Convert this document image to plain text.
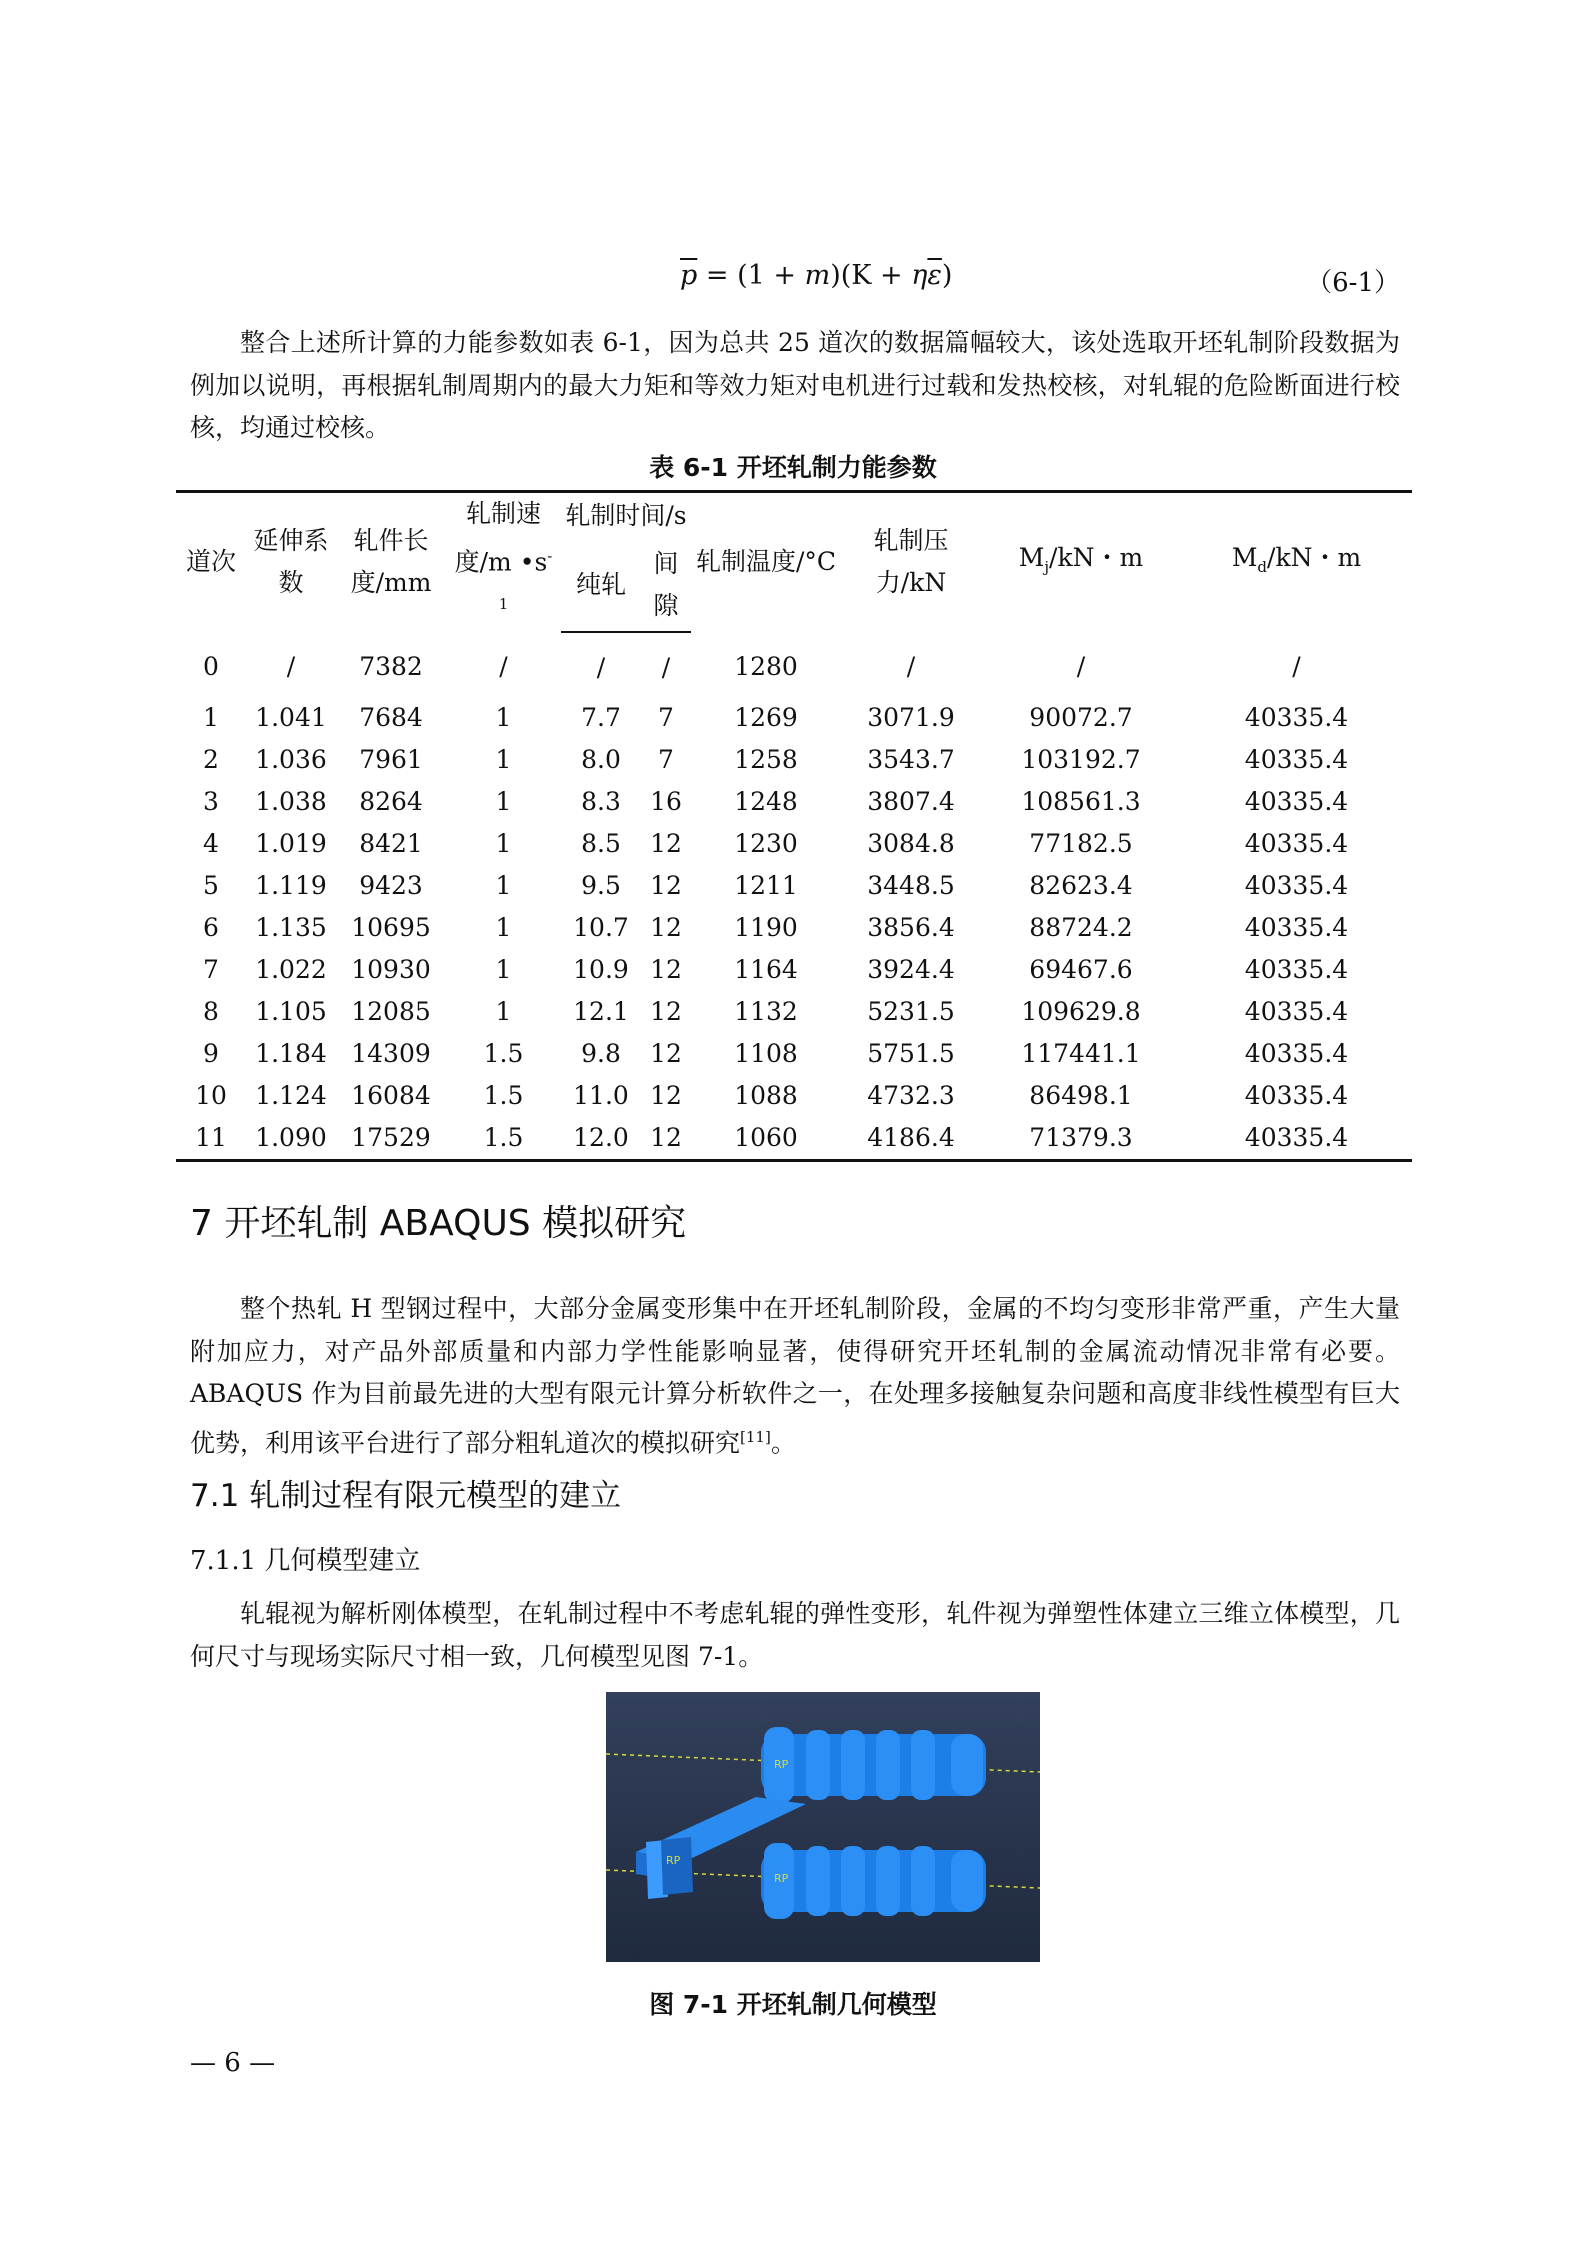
$\overline{p} = (1 + m)(K + \eta\overline{\varepsilon})$	（6-1）

整合上述所计算的力能参数如表 6-1，因为总共 25 道次的数据篇幅较大，该处选取开坯轧制阶段数据为例加以说明，再根据轧制周期内的最大力矩和等效力矩对电机进行过载和发热校核，对轧辊的危险断面进行校核，均通过校核。

表 6-1 开坯轧制力能参数
道次	延伸系数	轧件长度/mm	轧制速度/m $•s^{-1}$	轧制时间/s		轧制温度/°C	轧制压力/kN	$M_j/kN$・m	$M_d/kN$・m
				纯轧	间隙				
0	/	7382	/	/	/	1280	/	/	/
1	1.041	7684	1	7.7	7	1269	3071.9	90072.7	40335.4
2	1.036	7961	1	8.0	7	1258	3543.7	103192.7	40335.4
3	1.038	8264	1	8.3	16	1248	3807.4	108561.3	40335.4
4	1.019	8421	1	8.5	12	1230	3084.8	77182.5	40335.4
5	1.119	9423	1	9.5	12	1211	3448.5	82623.4	40335.4
6	1.135	10695	1	10.7	12	1190	3856.4	88724.2	40335.4
7	1.022	10930	1	10.9	12	1164	3924.4	69467.6	40335.4
8	1.105	12085	1	12.1	12	1132	5231.5	109629.8	40335.4
9	1.184	14309	1.5	9.8	12	1108	5751.5	117441.1	40335.4
10	1.124	16084	1.5	11.0	12	1088	4732.3	86498.1	40335.4
11	1.090	17529	1.5	12.0	12	1060	4186.4	71379.3	40335.4
7 开坯轧制 ABAQUS 模拟研究

整个热轧 H 型钢过程中，大部分金属变形集中在开坯轧制阶段，金属的不均匀变形非常严重，产生大量附加应力，对产品外部质量和内部力学性能影响显著，使得研究开坯轧制的金属流动情况非常有必要。ABAQUS 作为目前最先进的大型有限元计算分析软件之一，在处理多接触复杂问题和高度非线性模型有巨大优势，利用该平台进行了部分粗轧道次的模拟研究[11]。

7.1 轧制过程有限元模型的建立
7.1.1 几何模型建立

轧辊视为解析刚体模型，在轧制过程中不考虑轧辊的弹性变形，轧件视为弹塑性体建立三维立体模型，几何尺寸与现场实际尺寸相一致，几何模型见图 7-1。

RP
RP
RP
图 7-1 开坯轧制几何模型
— 6 —
